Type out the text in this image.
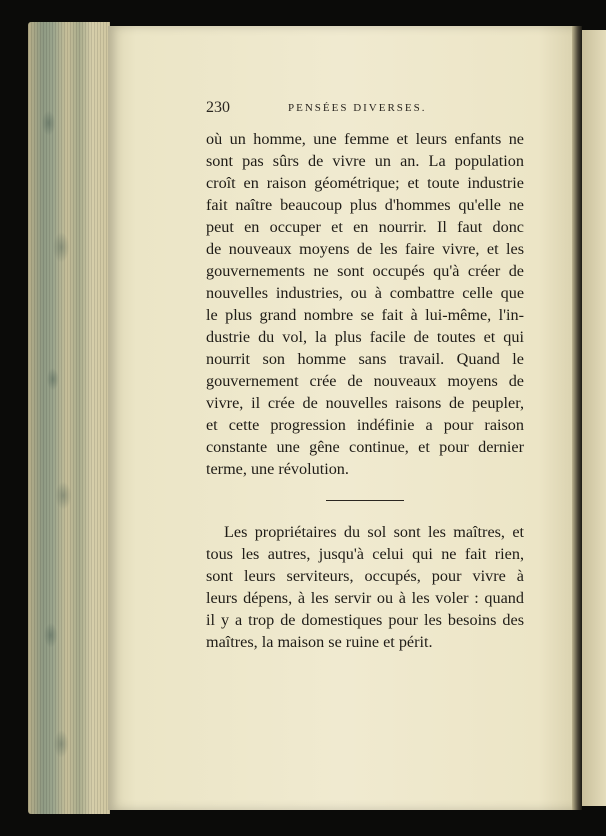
230	PENSÉES DIVERSES.
où un homme, une femme et leurs enfants ne
sont pas sûrs de vivre un an. La population
croît en raison géométrique; et toute industrie
fait naître beaucoup plus d'hommes qu'elle ne
peut en occuper et en nourrir. Il faut donc
de nouveaux moyens de les faire vivre, et les
gouvernements ne sont occupés qu'à créer de
nouvelles industries, ou à combattre celle que
le plus grand nombre se fait à lui-même, l'in-
dustrie du vol, la plus facile de toutes et qui
nourrit son homme sans travail. Quand le
gouvernement crée de nouveaux moyens de
vivre, il crée de nouvelles raisons de peupler,
et cette progression indéfinie a pour raison
constante une gêne continue, et pour dernier
terme, une révolution.
Les propriétaires du sol sont les maîtres, et
tous les autres, jusqu'à celui qui ne fait rien,
sont leurs serviteurs, occupés, pour vivre à
leurs dépens, à les servir ou à les voler : quand
il y a trop de domestiques pour les besoins des
maîtres, la maison se ruine et périt.
